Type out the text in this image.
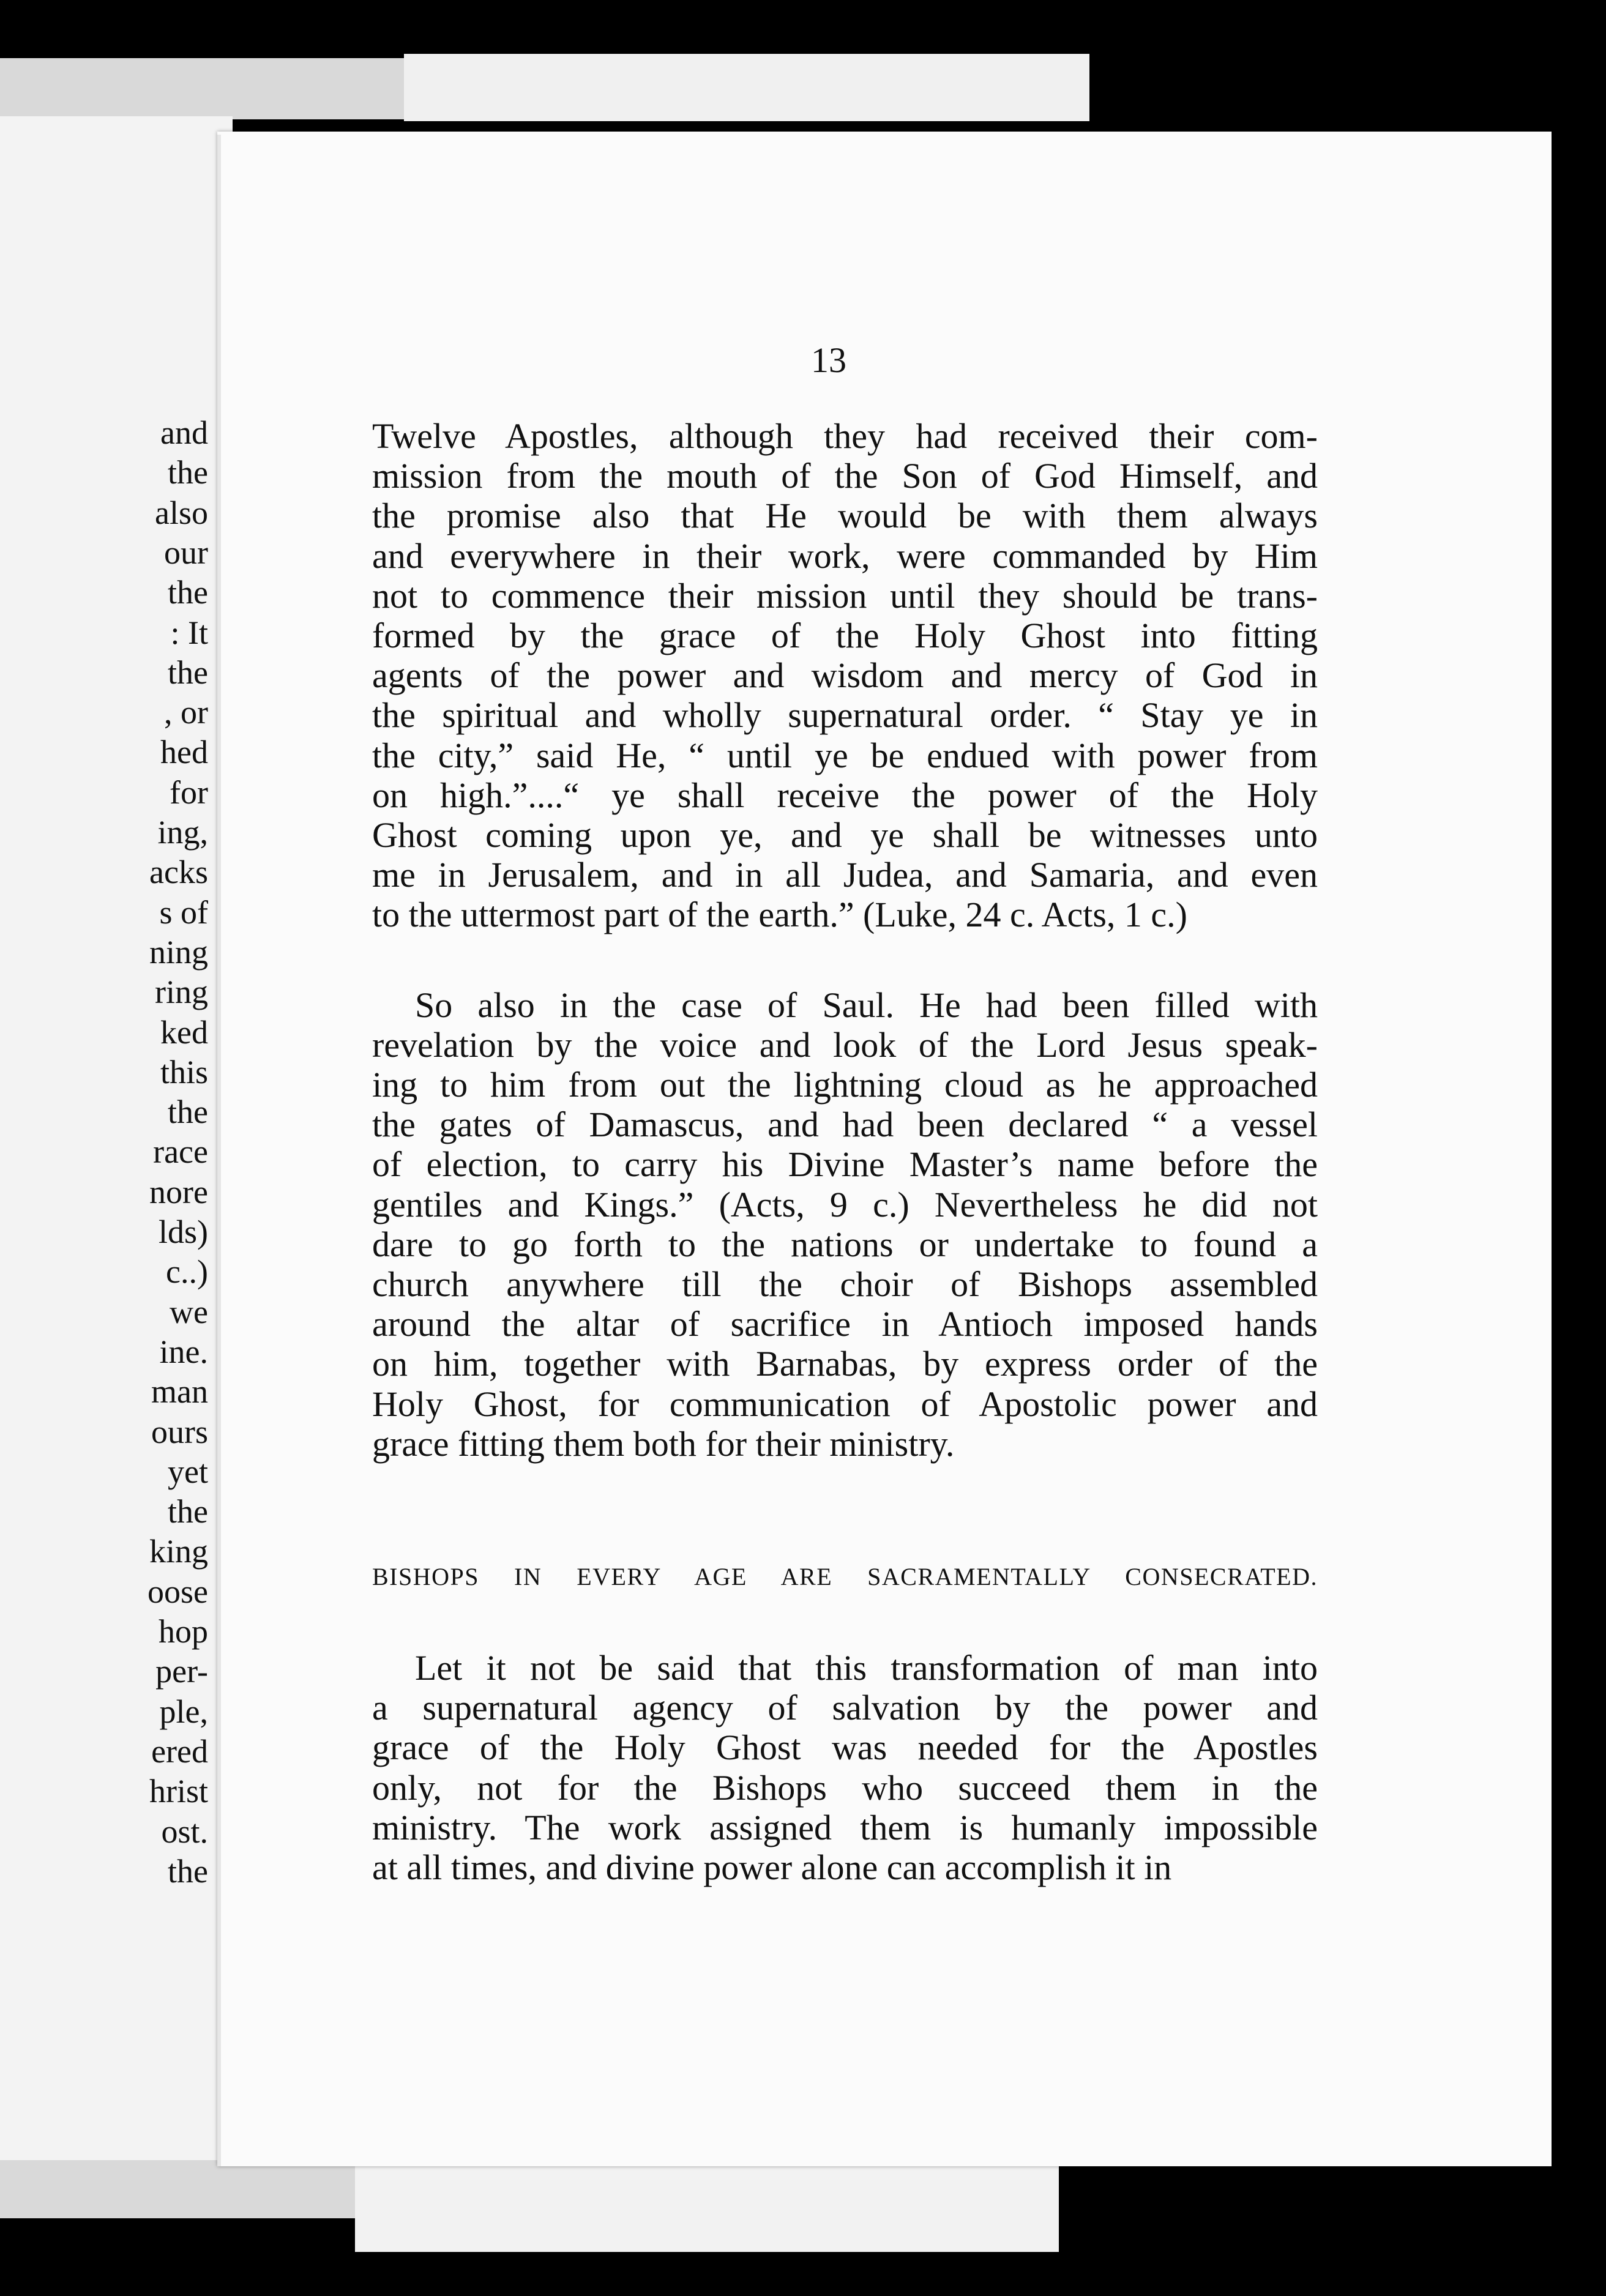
and
the
also
our
the
: It
the
, or
hed
for
ing,
acks
s of
ning
ring
ked
this
the
race
nore
lds)
c..)
we
ine.
man
ours
yet
the
king
oose
hop
per-
ple,
ered
hrist
ost.
the
13
Twelve Apostles, although they had received their com-
mission from the mouth of the Son of God Himself, and
the promise also that He would be with them always
and everywhere in their work, were commanded by Him
not to commence their mission until they should be trans-
formed by the grace of the Holy Ghost into fitting
agents of the power and wisdom and mercy of God in
the spiritual and wholly supernatural order. “ Stay ye in
the city,” said He, “ until ye be endued with power from
on high.”....“ ye shall receive the power of the Holy
Ghost coming upon ye, and ye shall be witnesses unto
me in Jerusalem, and in all Judea, and Samaria, and even
to the uttermost part of the earth.” (Luke, 24 c. Acts, 1 c.)
So also in the case of Saul. He had been filled with
revelation by the voice and look of the Lord Jesus speak-
ing to him from out the lightning cloud as he approached
the gates of Damascus, and had been declared “ a vessel
of election, to carry his Divine Master’s name before the
gentiles and Kings.” (Acts, 9 c.) Nevertheless he did not
dare to go forth to the nations or undertake to found a
church anywhere till the choir of Bishops assembled
around the altar of sacrifice in Antioch imposed hands
on him, together with Barnabas, by express order of the
Holy Ghost, for communication of Apostolic power and
grace fitting them both for their ministry.
BISHOPS IN EVERY AGE ARE SACRAMENTALLY CONSECRATED.
Let it not be said that this transformation of man into
a supernatural agency of salvation by the power and
grace of the Holy Ghost was needed for the Apostles
only, not for the Bishops who succeed them in the
ministry. The work assigned them is humanly impossible
at all times, and divine power alone can accomplish it in
